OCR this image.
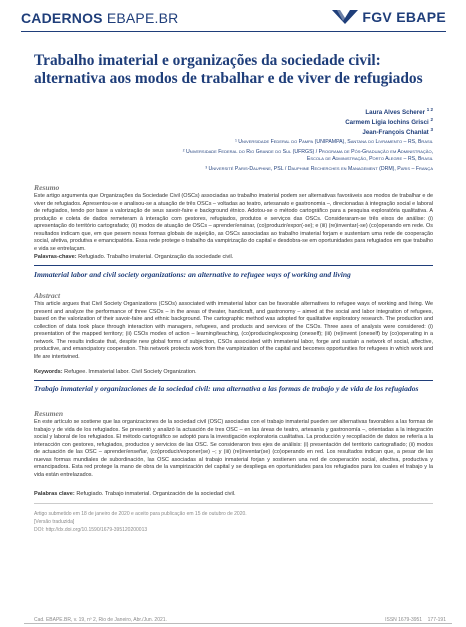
CADERNOS EBAPE.BR	FGV EBAPE
Trabalho imaterial e organizações da sociedade civil: alternativa aos modos de trabalhar e de viver de refugiados
Laura Alves Scherer $^{1 2}$
Carmem Ligia Iochins Grisci $^2$
Jean-François Chanlat $^3$
¹ Universidade Federal do Pampa (UNIPAMPA), Santana do Livramento – RS, Brasil
² Universidade Federal do Rio Grande do Sul (UFRGS) / Programa de Pós-Graduação em Administração,
Escola de Administração, Porto Alegre – RS, Brasil
³ Université Paris-Dauphine, PSL / Dauphine Recherches en Management (DRM), Paris – França
Resumo
Este artigo argumenta que Organizações da Sociedade Civil (OSCs) associadas ao trabalho imaterial podem ser alternativas favoráveis aos modos de trabalhar e de viver de refugiados. Apresentou-se e analisou-se a atuação de três OSCs – voltadas ao teatro, artesanato e gastronomia –, direcionadas à integração social e laboral de refugiados, tendo por base a valorização de seus savoir-faire e background étnico. Adotou-se o método cartográfico para a pesquisa exploratória qualitativa. A produção e coleta de dados remeteram à interação com gestores, refugiados, produtos e serviços das OSCs. Consideraram-se três eixos de análise: (i) apresentação do território cartografado; (ii) modos de atuação de OSCs – aprender/ensinar, (co)produzir/expor(-se); e (iii) (re)inventar(-se) (co)operando em rede. Os resultados indicam que, em que pesem novas formas globais de sujeição, as OSCs associadas ao trabalho imaterial forjam e sustentam uma rede de cooperação social, afetiva, produtiva e emancipatória. Essa rede protege o trabalho da vampirização do capital e desdobra-se em oportunidades para refugiados em que trabalho e vida se entrelaçam.
Palavras-chave: Refugiado. Trabalho imaterial. Organização da sociedade civil.
Immaterial labor and civil society organizations: an alternative to refugee ways of working and living
Abstract
This article argues that Civil Society Organizations (CSOs) associated with immaterial labor can be favorable alternatives to refugee ways of working and living. We present and analyze the performance of three CSOs – in the areas of theater, handicraft, and gastronomy – aimed at the social and labor integration of refugees, based on the valorization of their savoir-faire and ethnic background. The cartographic method was adopted for qualitative exploratory research. The production and collection of data took place through interaction with managers, refugees, and products and services of the CSOs. Three axes of analysis were considered: (i) presentation of the mapped territory; (ii) CSOs modes of action – learning/teaching, (co)producing/exposing (oneself); (iii) (re)invent (oneself) by (co)operating in a network. The results indicate that, despite new global forms of subjection, CSOs associated with immaterial labor, forge and sustain a network of social, affective, productive, and emancipatory cooperation. This network protects work from the vampirization of the capital and becomes opportunities for refugees in which work and life are intertwined.
Keywords: Refugee. Immaterial labor. Civil Society Organization.
Trabajo inmaterial y organizaciones de la sociedad civil: una alternativa a las formas de trabajo y de vida de los refugiados
Resumen
En este artículo se sostiene que las organizaciones de la sociedad civil (OSC) asociadas con el trabajo inmaterial pueden ser alternativas favorables a las formas de trabajo y de vida de los refugiados. Se presentó y analizó la actuación de tres OSC – en las áreas de teatro, artesanía y gastronomía –, orientadas a la integración social y laboral de los refugiados. El método cartográfico se adoptó para la investigación exploratoria cualitativa. La producción y recopilación de datos se refería a la interacción con gestores, refugiados, productos y servicios de las OSC. Se consideraron tres ejes de análisis: (i) presentación del territorio cartografiado; (ii) modos de actuación de las OSC – aprender/enseñar, (co)producir/exponer(se) –; y (iii) (re)inventar(se) (co)operando en red. Los resultados indican que, a pesar de las nuevas formas mundiales de subordinación, las OSC asociadas al trabajo inmaterial forjan y sostienen una red de cooperación social, afectiva, productiva y emancipadora. Esta red protege la mano de obra de la vampirización del capital y se despliega en oportunidades para los refugiados para los cuales el trabajo y la vida están entrelazados.
Palabras clave: Refugiado. Trabajo inmaterial. Organización de la sociedad civil.
Artigo submetido em 18 de janeiro de 2020 e aceito para publicação em 15 de outubro de 2020.
[Versão traduzida]
DOI: http://dx.doi.org/10.1590/1679-395120200013
Cad. EBAPE.BR, v. 19, nº 2, Rio de Janeiro, Abr./Jun. 2021.	ISSN 1679-3951 177-191
